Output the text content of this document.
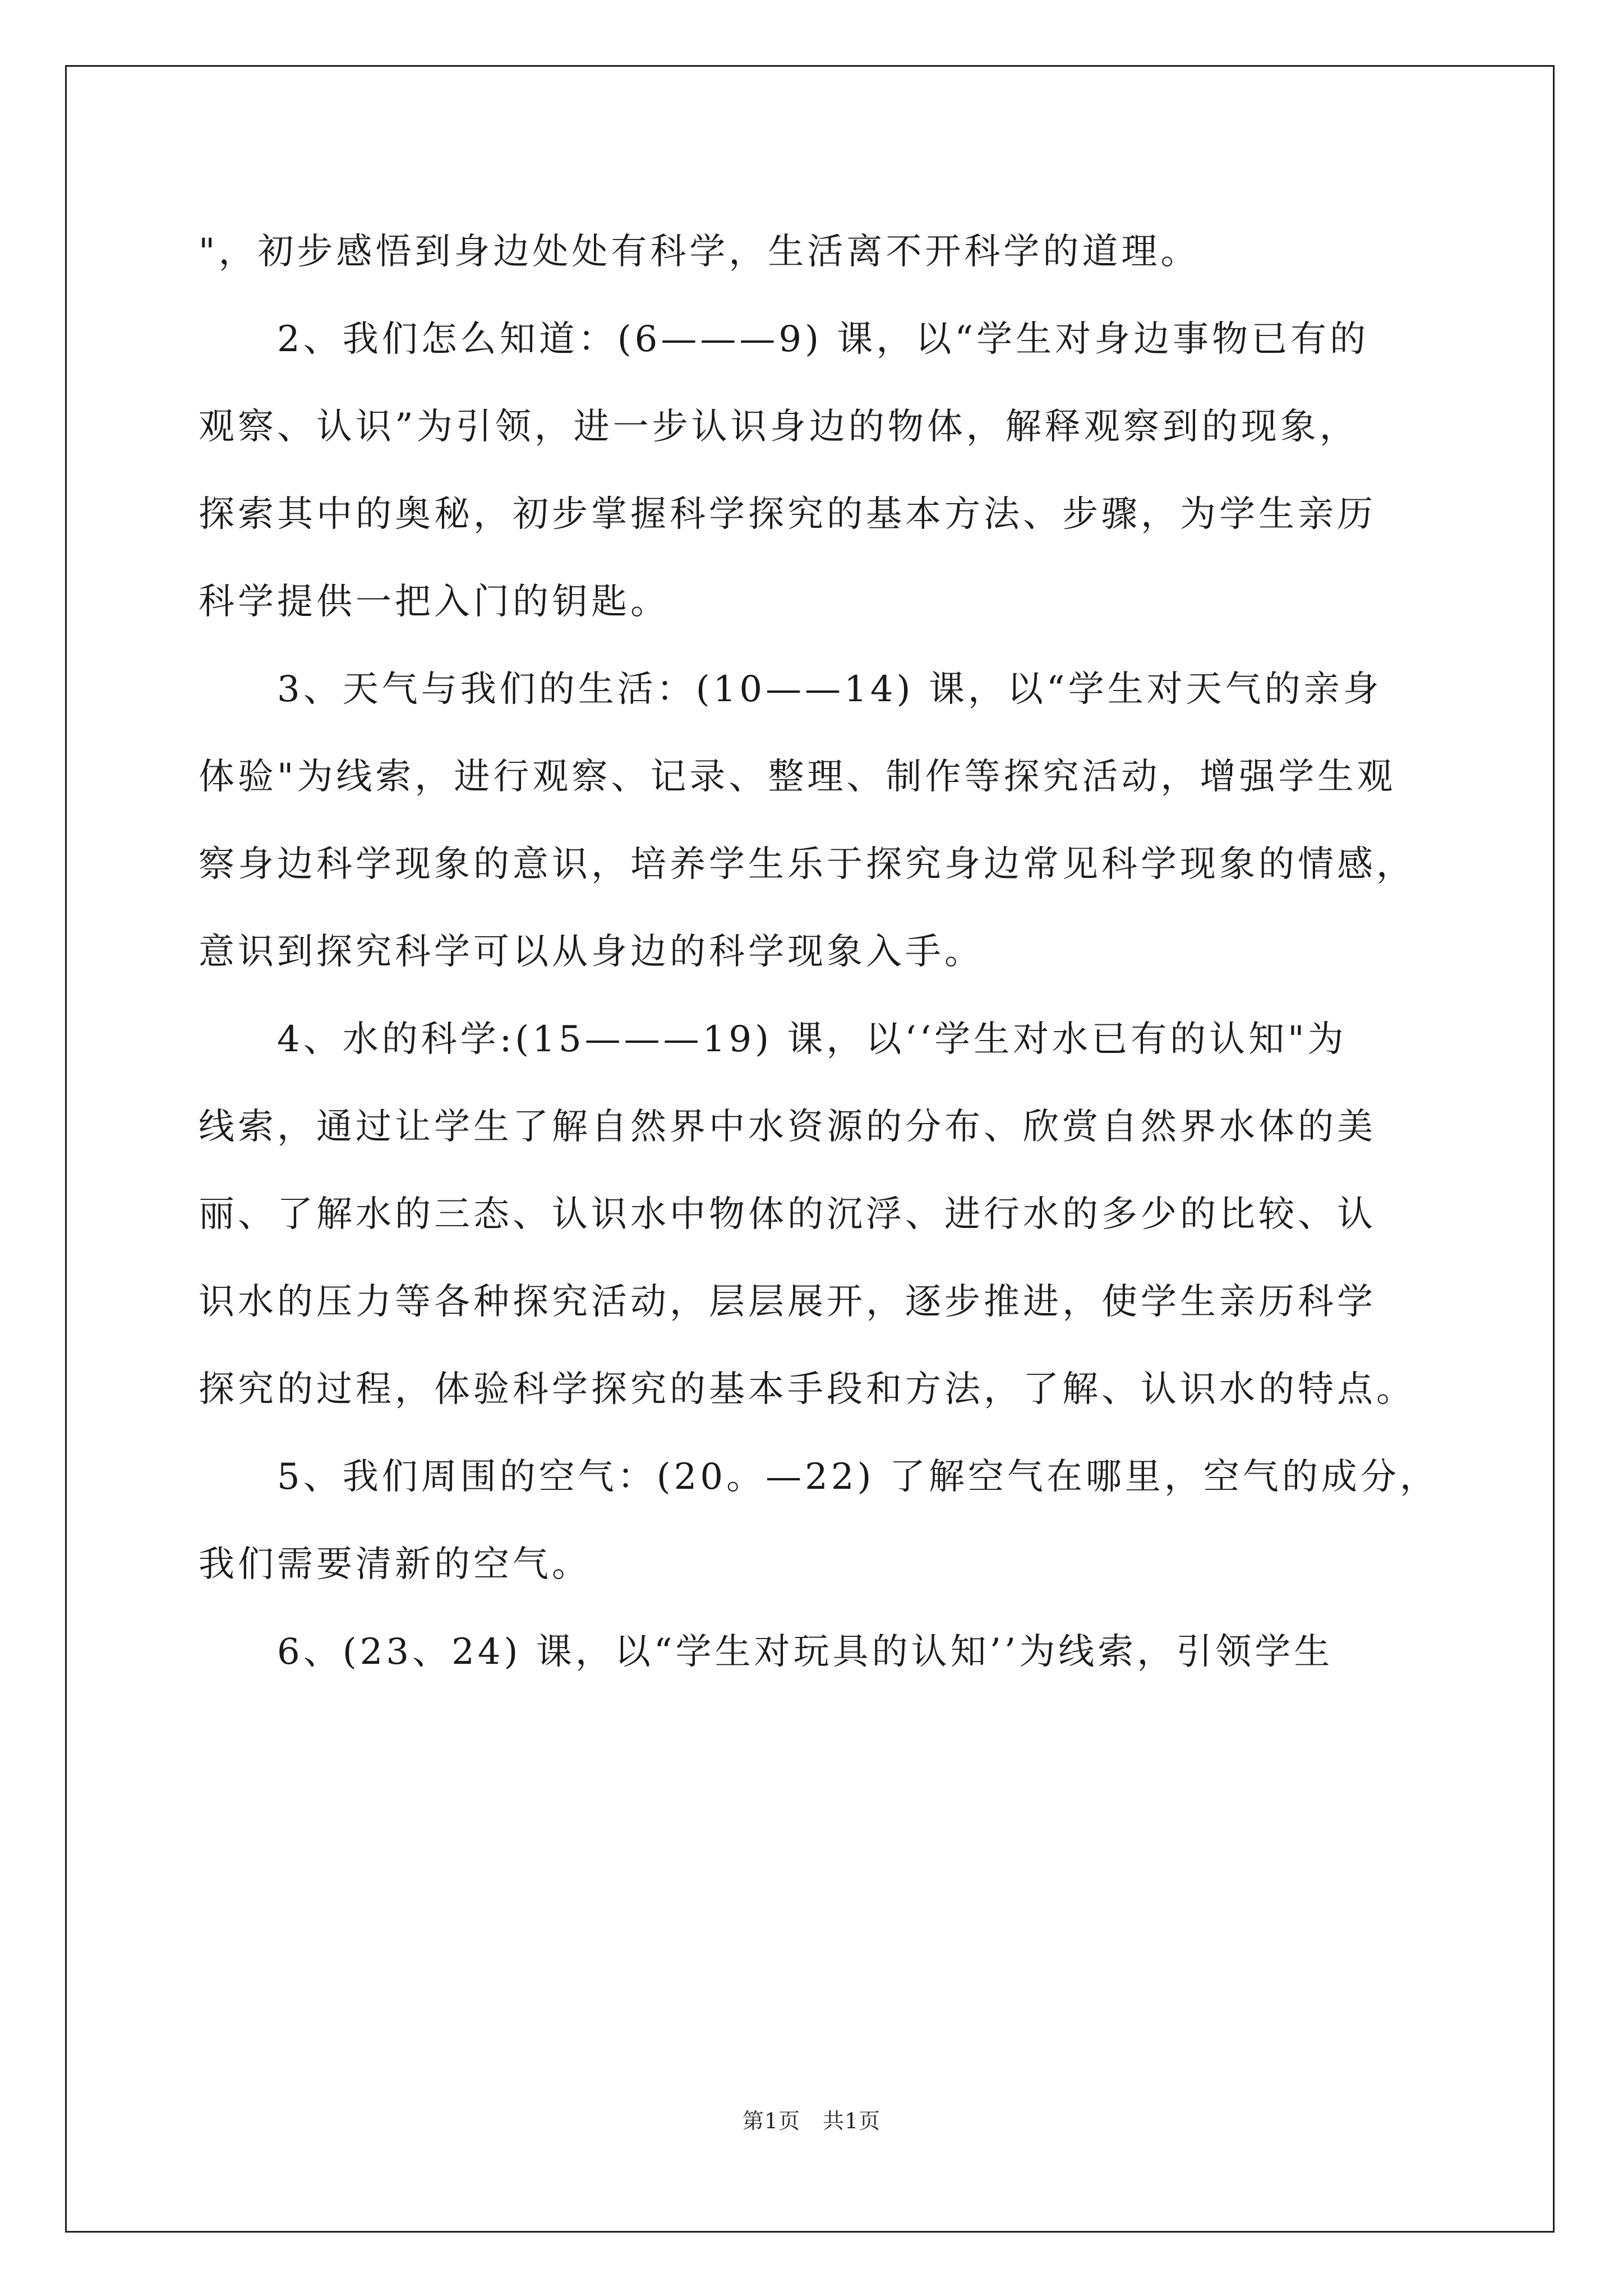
"，初步感悟到身边处处有科学，生活离不开科学的道理。
　　2、我们怎么知道：(6———9) 课，以“学生对身边事物已有的
观察、认识”为引领，进一步认识身边的物体，解释观察到的现象，
探索其中的奥秘，初步掌握科学探究的基本方法、步骤，为学生亲历
科学提供一把入门的钥匙。
　　3、天气与我们的生活：(10——14) 课，以“学生对天气的亲身
体验"为线索，进行观察、记录、整理、制作等探究活动，增强学生观
察身边科学现象的意识，培养学生乐于探究身边常见科学现象的情感，
意识到探究科学可以从身边的科学现象入手。
　　4、水的科学:(15———19) 课，以‘‘学生对水已有的认知"为
线索，通过让学生了解自然界中水资源的分布、欣赏自然界水体的美
丽、了解水的三态、认识水中物体的沉浮、进行水的多少的比较、认
识水的压力等各种探究活动，层层展开，逐步推进，使学生亲历科学
探究的过程，体验科学探究的基本手段和方法，了解、认识水的特点。
　　5、我们周围的空气：(20。—22) 了解空气在哪里，空气的成分，
我们需要清新的空气。
　　6、(23、24) 课，以“学生对玩具的认知’’为线索，引领学生
第1页 共1页
